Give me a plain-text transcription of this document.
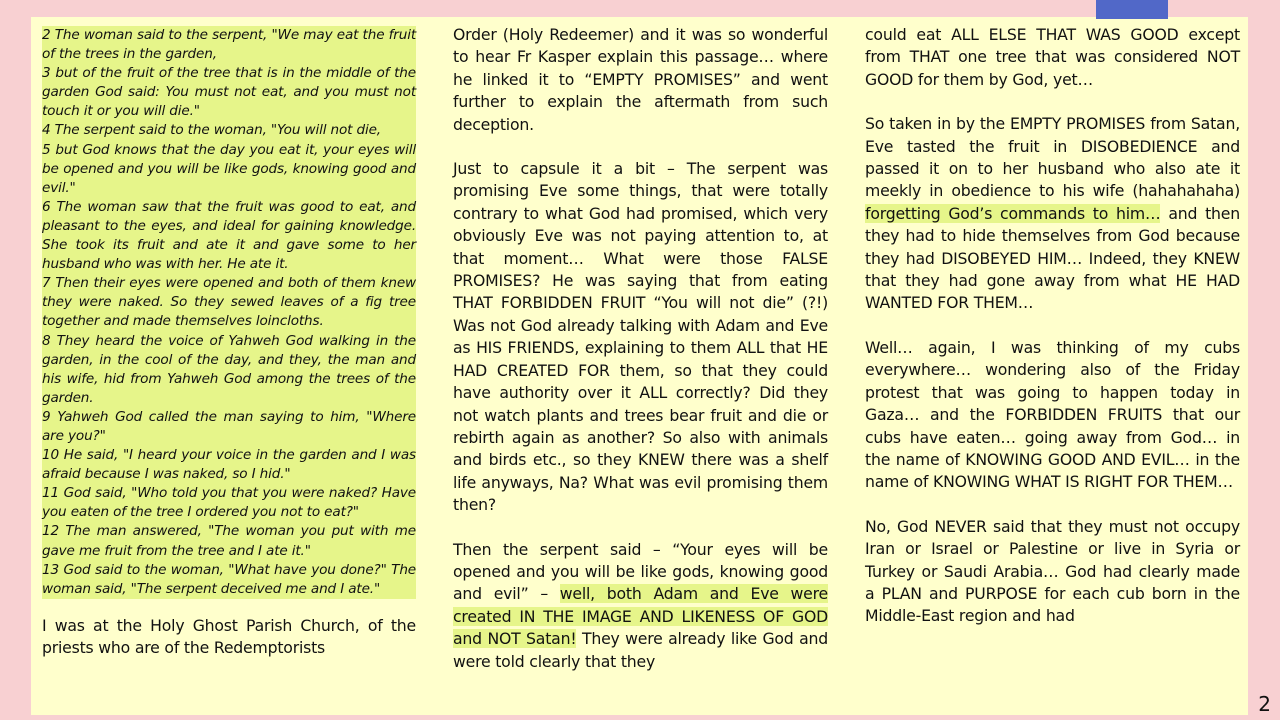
2 The woman said to the serpent, "We may eat the fruit of the trees in the garden,

3 but of the fruit of the tree that is in the middle of the garden God said: You must not eat, and you must not touch it or you will die."

4 The serpent said to the woman, "You will not die,

5 but God knows that the day you eat it, your eyes will be opened and you will be like gods, knowing good and evil."

6 The woman saw that the fruit was good to eat, and pleasant to the eyes, and ideal for gaining knowledge. She took its fruit and ate it and gave some to her husband who was with her. He ate it.

7 Then their eyes were opened and both of them knew they were naked. So they sewed leaves of a fig tree together and made themselves loincloths.

8 They heard the voice of Yahweh God walking in the garden, in the cool of the day, and they, the man and his wife, hid from Yahweh God among the trees of the garden.

9 Yahweh God called the man saying to him, "Where are you?"

10 He said, "I heard your voice in the garden and I was afraid because I was naked, so I hid."

11 God said, "Who told you that you were naked? Have you eaten of the tree I ordered you not to eat?"

12 The man answered, "The woman you put with me gave me fruit from the tree and I ate it."

13 God said to the woman, "What have you done?" The woman said, "The serpent deceived me and I ate."

I was at the Holy Ghost Parish Church, of the priests who are of the Redemptorists

Order (Holy Redeemer) and it was so wonderful to hear Fr Kasper explain this passage… where he linked it to “EMPTY PROMISES” and went further to explain the aftermath from such deception.

Just to capsule it a bit – The serpent was promising Eve some things, that were totally contrary to what God had promised, which very obviously Eve was not paying attention to, at that moment… What were those FALSE PROMISES? He was saying that from eating THAT FORBIDDEN FRUIT “You will not die” (?!) Was not God already talking with Adam and Eve as HIS FRIENDS, explaining to them ALL that HE HAD CREATED FOR them, so that they could have authority over it ALL correctly? Did they not watch plants and trees bear fruit and die or rebirth again as another? So also with animals and birds etc., so they KNEW there was a shelf life anyways, Na? What was evil promising them then?

Then the serpent said – “Your eyes will be opened and you will be like gods, knowing good and evil” – well, both Adam and Eve were created IN THE IMAGE AND LIKENESS OF GOD and NOT Satan! They were already like God and were told clearly that they

could eat ALL ELSE THAT WAS GOOD except from THAT one tree that was considered NOT GOOD for them by God, yet…

So taken in by the EMPTY PROMISES from Satan, Eve tasted the fruit in DISOBEDIENCE and passed it on to her husband who also ate it meekly in obedience to his wife (hahahahaha) forgetting God’s commands to him… and then they had to hide themselves from God because they had DISOBEYED HIM… Indeed, they KNEW that they had gone away from what HE HAD WANTED FOR THEM…

Well… again, I was thinking of my cubs everywhere… wondering also of the Friday protest that was going to happen today in Gaza… and the FORBIDDEN FRUITS that our cubs have eaten… going away from God… in the name of KNOWING GOOD AND EVIL… in the name of KNOWING WHAT IS RIGHT FOR THEM…

No, God NEVER said that they must not occupy Iran or Israel or Palestine or live in Syria or Turkey or Saudi Arabia… God had clearly made a PLAN and PURPOSE for each cub born in the Middle-East region and had

2
